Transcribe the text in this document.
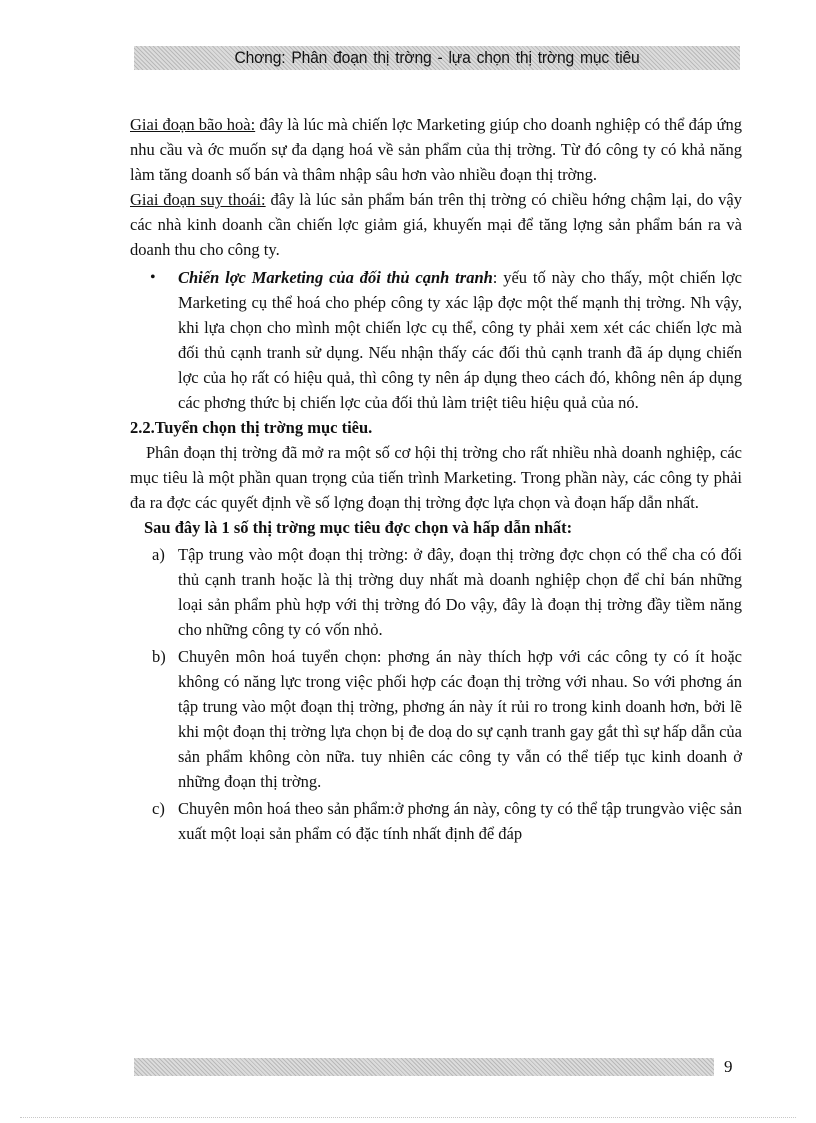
Chơng: Phân đoạn thị trờng - lựa chọn thị trờng mục tiêu

Giai đoạn bão hoà: đây là lúc mà chiến lợc Marketing giúp cho doanh nghiệp có thể đáp ứng nhu cầu và ớc muốn sự đa dạng hoá về sản phẩm của thị trờng. Từ đó công ty có khả năng làm tăng doanh số bán và thâm nhập sâu hơn vào nhiều đoạn thị trờng.

Giai đoạn suy thoái: đây là lúc sản phẩm bán trên thị trờng có chiều hớng chậm lại, do vậy các nhà kinh doanh cần chiến lợc giảm giá, khuyến mại để tăng lợng sản phẩm bán ra và doanh thu cho công ty.

• Chiến lợc Marketing của đối thủ cạnh tranh: yếu tố này cho thấy, một chiến lợc Marketing cụ thể hoá cho phép công ty xác lập đợc một thế mạnh thị trờng. Nh vậy, khi lựa chọn cho mình một chiến lợc cụ thể, công ty phải xem xét các chiến lợc mà đối thủ cạnh tranh sử dụng. Nếu nhận thấy các đối thủ cạnh tranh đã áp dụng chiến lợc của họ rất có hiệu quả, thì công ty nên áp dụng theo cách đó, không nên áp dụng các phơng thức bị chiến lợc của đối thủ làm triệt tiêu hiệu quả của nó.

2.2.Tuyển chọn thị trờng mục tiêu.

Phân đoạn thị trờng đã mở ra một số cơ hội thị trờng cho rất nhiều nhà doanh nghiệp, các mục tiêu là một phần quan trọng của tiến trình Marketing. Trong phần này, các công ty phải đa ra đợc các quyết định về số lợng đoạn thị trờng đợc lựa chọn và đoạn hấp dẫn nhất.

Sau đây là 1 số thị trờng mục tiêu đợc chọn và hấp dẫn nhất:

a) Tập trung vào một đoạn thị trờng: ở đây, đoạn thị trờng đợc chọn có thể cha có đối thủ cạnh tranh hoặc là thị trờng duy nhất mà doanh nghiệp chọn để chỉ bán những loại sản phẩm phù hợp với thị trờng đó Do vậy, đây là đoạn thị trờng đầy tiềm năng cho những công ty có vốn nhỏ.

b) Chuyên môn hoá tuyển chọn: phơng án này thích hợp với các công ty có ít hoặc không có năng lực trong việc phối hợp các đoạn thị trờng với nhau. So với phơng án tập trung vào một đoạn thị trờng, phơng án này ít rủi ro trong kinh doanh hơn, bởi lẽ khi một đoạn thị trờng lựa chọn bị đe doạ do sự cạnh tranh gay gắt thì sự hấp dẫn của sản phẩm không còn nữa. tuy nhiên các công ty vẫn có thể tiếp tục kinh doanh ở những đoạn thị trờng.

c) Chuyên môn hoá theo sản phẩm:ở phơng án này, công ty có thể tập trungvào việc sản xuất một loại sản phẩm có đặc tính nhất định để đáp

9
